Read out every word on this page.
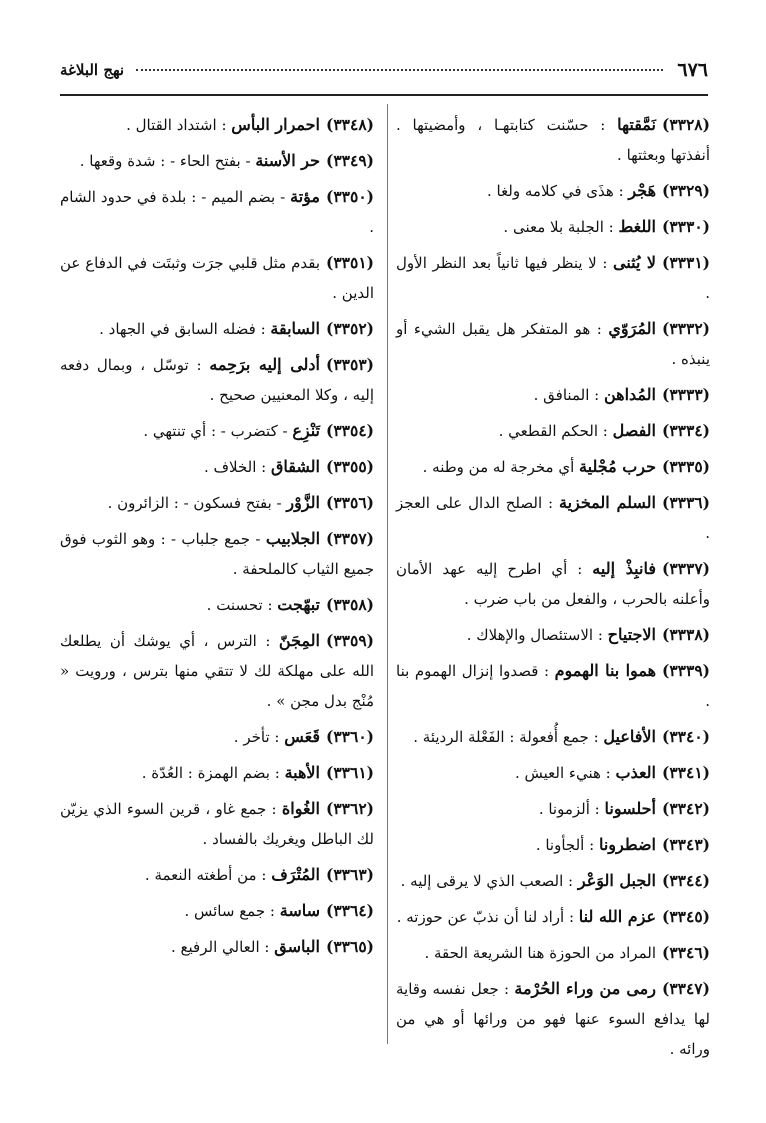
٦٧٦
نهج البلاغة

(٣٣٢٨)نَمَّقتها : حسّنت كتابتهـا ، وأمضيتها . أنفذتها وبعثتها .

(٣٣٢٩)هَجْر : هذَى في كلامه ولغا .

(٣٣٣٠)اللغط : الجلبة بلا معنى .

(٣٣٣١)لا يُثنى : لا ينظر فيها ثانياً بعد النظر الأول .

(٣٣٣٢)المُرَوّي : هو المتفكر هل يقبل الشيء أو ينبذه .

(٣٣٣٣)المُداهن : المنافق .

(٣٣٣٤)الفصل : الحكم القطعي .

(٣٣٣٥)حرب مُجْلية أي مخرجة له من وطنه .

(٣٣٣٦)السلم المخزية : الصلح الدال على العجز .

(٣٣٣٧)فانبِذْ إليه : أي اطرح إليه عهد الأمان وأعلنه بالحرب ، والفعل من باب ضرب .

(٣٣٣٨)الاجتياح : الاستئصال والإهلاك .

(٣٣٣٩)هموا بنا الهموم : قصدوا إنزال الهموم بنا .

(٣٣٤٠)الأفاعيل : جمع أُفعولة : الفَعْلة الرديئة .

(٣٣٤١)العذب : هنيء العيش .

(٣٣٤٢)أحلسونا : ألزمونا .

(٣٣٤٣)اضطرونا : ألجأونا .

(٣٣٤٤)الجبل الوَعْر : الصعب الذي لا يرقى إليه .

(٣٣٤٥)عزم الله لنا : أراد لنا أن نذبّ عن حوزته .

(٣٣٤٦)المراد من الحوزة هنا الشريعة الحقة .

(٣٣٤٧)رمى من وراء الحُرْمة : جعل نفسه وقاية لها يدافع السوء عنها فهو من ورائها أو هي من ورائه .

(٣٣٤٨)احمرار البأس : اشتداد القتال .

(٣٣٤٩)حر الأسنة - بفتح الحاء - : شدة وقعها .

(٣٣٥٠)مؤتة - بضم الميم - : بلدة في حدود الشام .

(٣٣٥١)بقدم مثل قلبي جرَت وثبتَت في الدفاع عن الدين .

(٣٣٥٢)السابقة : فضله السابق في الجهاد .

(٣٣٥٣)أدلى إليه برَحِمه : توسّل ، وبمال دفعه إليه ، وكلا المعنيين صحيح .

(٣٣٥٤)تَنْزِع - كتضرب - : أي تنتهي .

(٣٣٥٥)الشقاق : الخلاف .

(٣٣٥٦)الزَّوْر - بفتح فسكون - : الزائرون .

(٣٣٥٧)الجلابيب - جمع جلباب - : وهو الثوب فوق جميع الثياب كالملحفة .

(٣٣٥٨)تبهّجت : تحسنت .

(٣٣٥٩)المِجَنّ : الترس ، أي يوشك أن يطلعك الله على مهلكة لك لا تتقي منها بترس ، ورويت « مُنْج بدل مجن » .

(٣٣٦٠)قَعَس : تأخر .

(٣٣٦١)الأهبة : بضم الهمزة : العُدّة .

(٣٣٦٢)الغُواة : جمع غاو ، قرين السوء الذي يزيّن لك الباطل ويغريك بالفساد .

(٣٣٦٣)المُتْرَف : من أطغته النعمة .

(٣٣٦٤)ساسة : جمع سائس .

(٣٣٦٥)الباسق : العالي الرفيع .
